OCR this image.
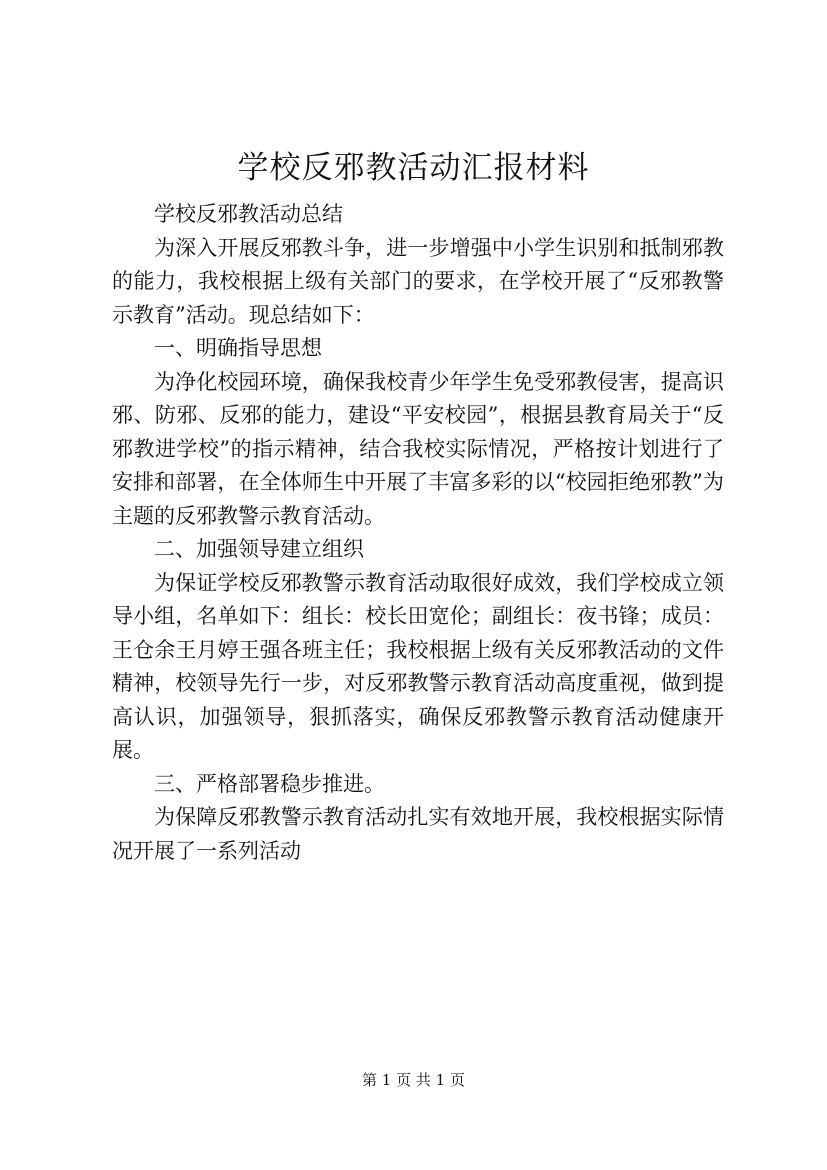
学校反邪教活动汇报材料

学校反邪教活动总结

为深入开展反邪教斗争，进一步增强中小学生识别和抵制邪教的能力，我校根据上级有关部门的要求，在学校开展了“反邪教警示教育”活动。现总结如下：

一、明确指导思想

为净化校园环境，确保我校青少年学生免受邪教侵害，提高识邪、防邪、反邪的能力，建设“平安校园”，根据县教育局关于“反邪教进学校”的指示精神，结合我校实际情况，严格按计划进行了安排和部署，在全体师生中开展了丰富多彩的以“校园拒绝邪教”为主题的反邪教警示教育活动。

二、加强领导建立组织

为保证学校反邪教警示教育活动取很好成效，我们学校成立领导小组，名单如下：组长：校长田宽伦；副组长：夜书锋；成员：王仓余王月婷王强各班主任；我校根据上级有关反邪教活动的文件精神，校领导先行一步，对反邪教警示教育活动高度重视，做到提高认识，加强领导，狠抓落实，确保反邪教警示教育活动健康开展。

三、严格部署稳步推进。

为保障反邪教警示教育活动扎实有效地开展，我校根据实际情况开展了一系列活动

第 1 页 共 1 页
